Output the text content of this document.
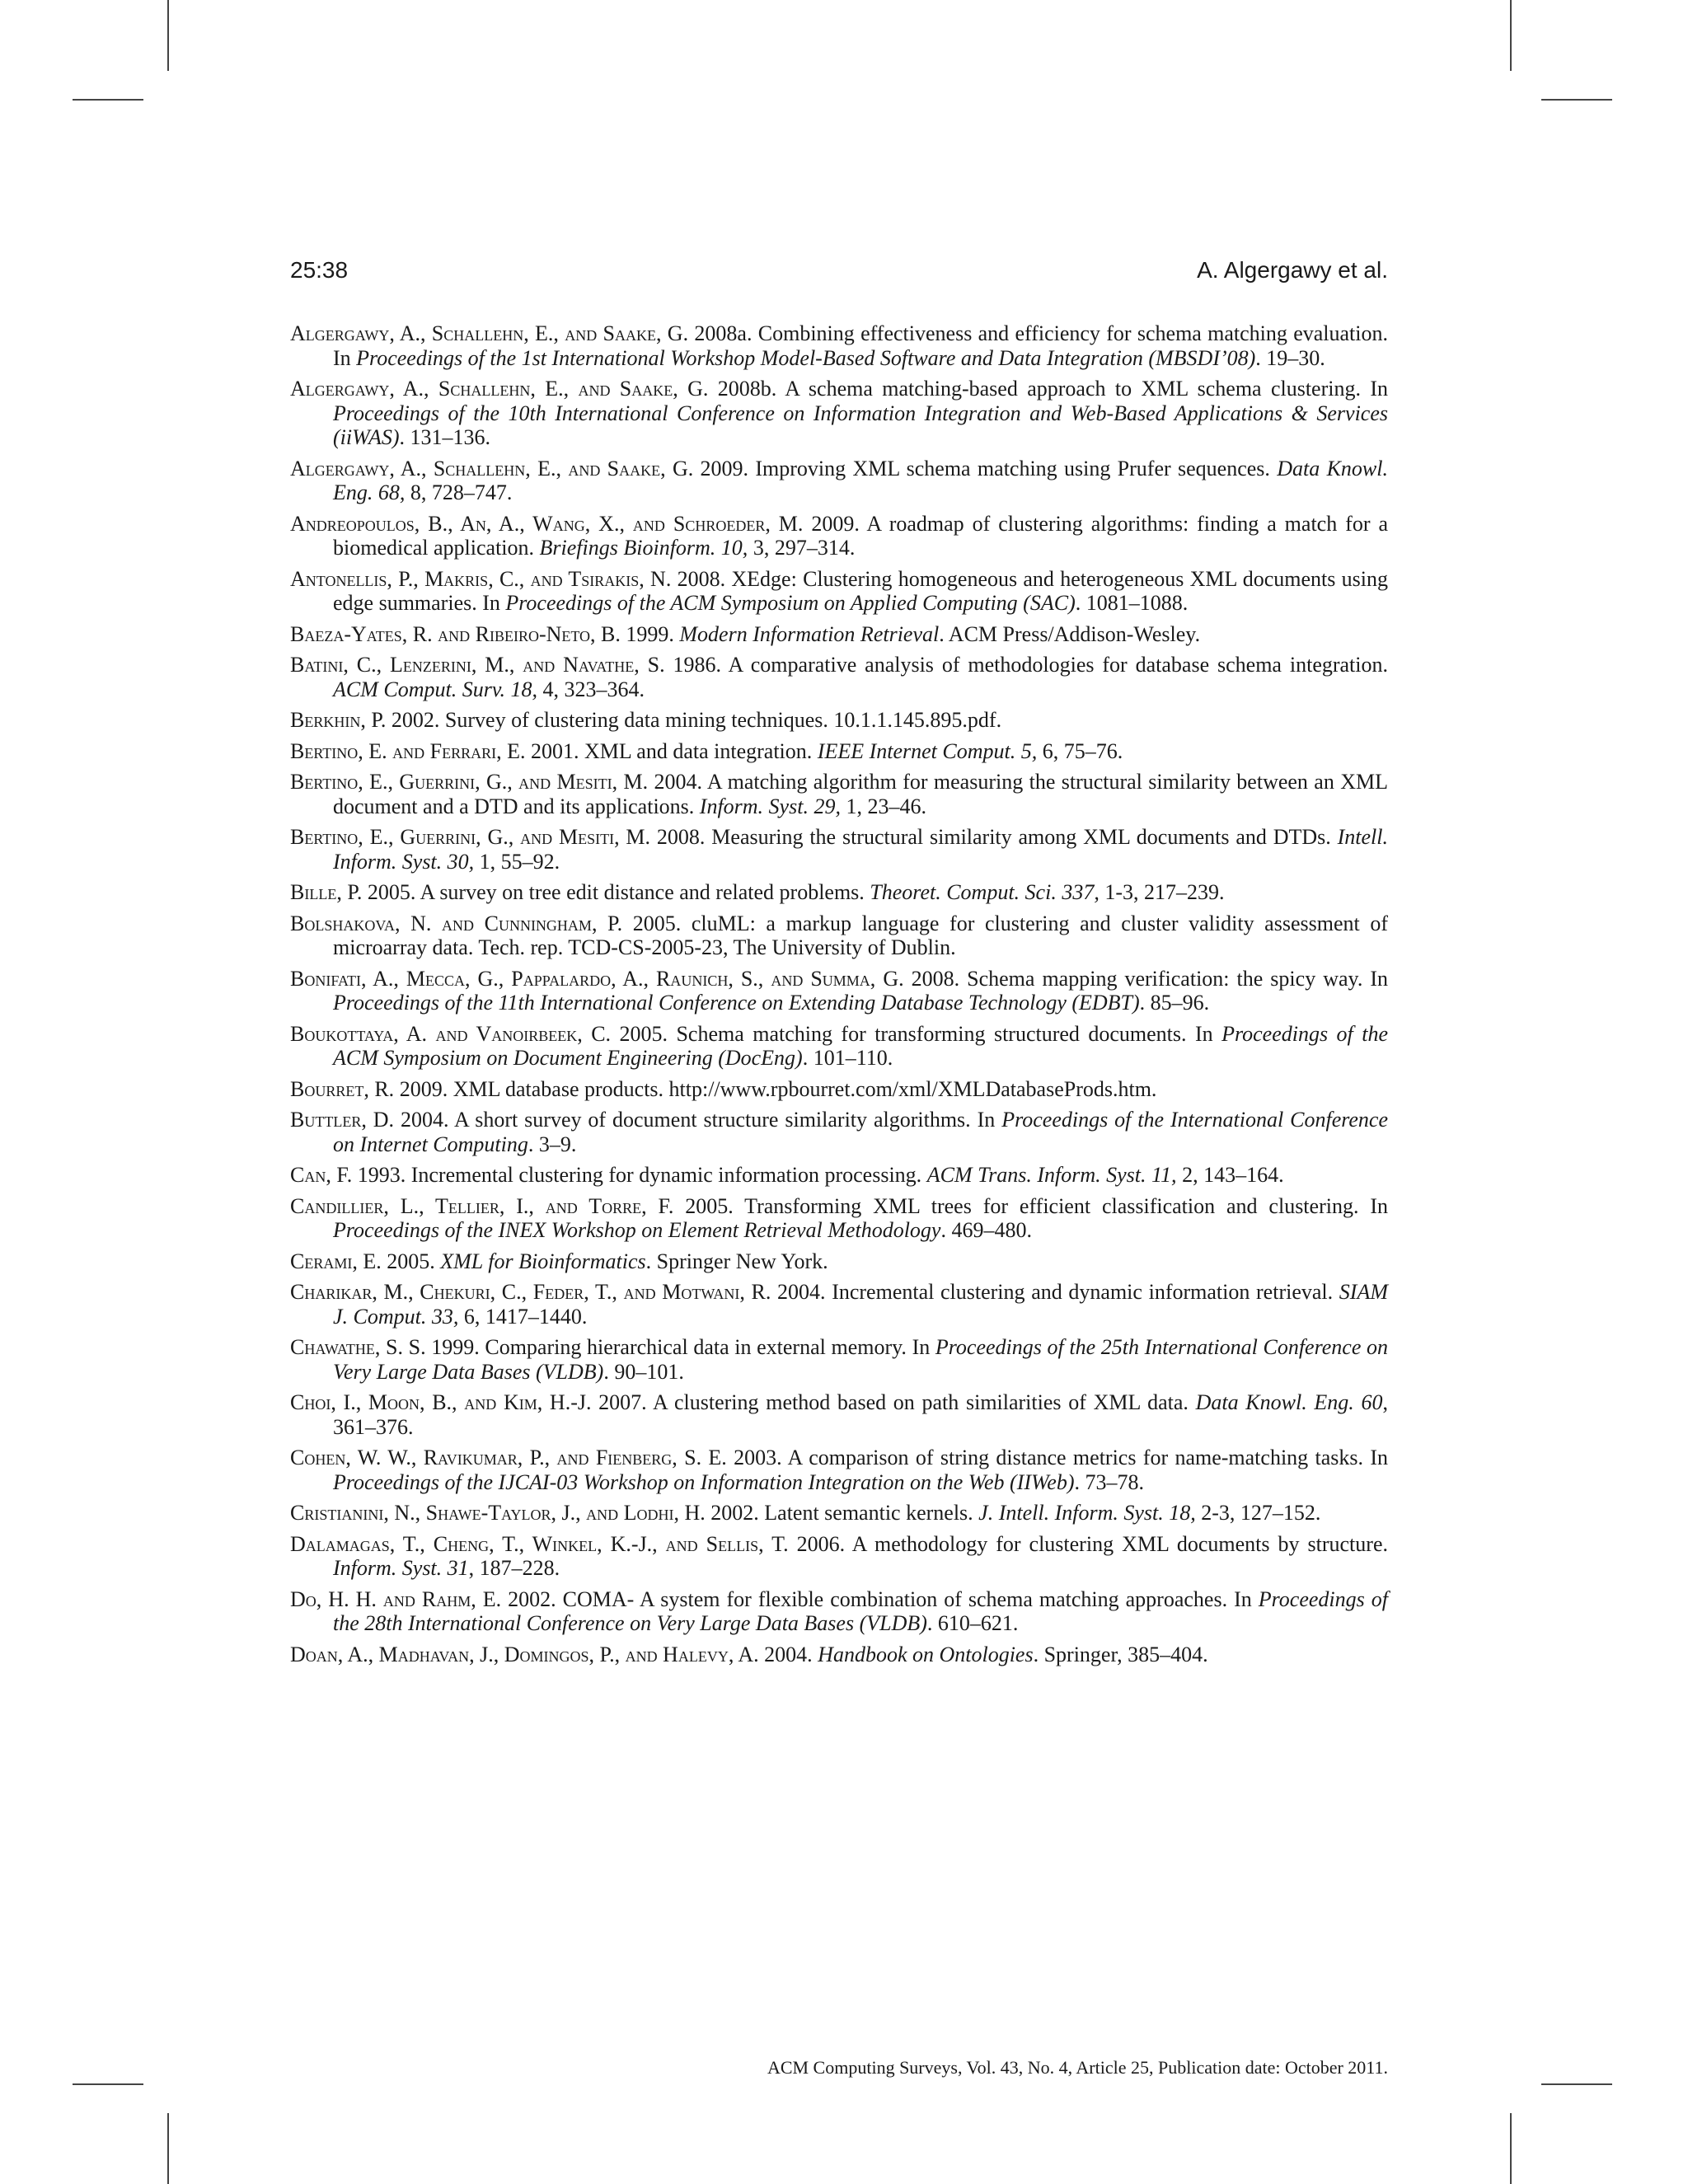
25:38	A. Algergawy et al.
Algergawy, A., Schallehn, E., and Saake, G. 2008a. Combining effectiveness and efficiency for schema matching evaluation. In Proceedings of the 1st International Workshop Model-Based Software and Data Integration (MBSDI’08). 19–30.
Algergawy, A., Schallehn, E., and Saake, G. 2008b. A schema matching-based approach to XML schema clustering. In Proceedings of the 10th International Conference on Information Integration and Web-Based Applications & Services (iiWAS). 131–136.
Algergawy, A., Schallehn, E., and Saake, G. 2009. Improving XML schema matching using Prufer sequences. Data Knowl. Eng. 68, 8, 728–747.
Andreopoulos, B., An, A., Wang, X., and Schroeder, M. 2009. A roadmap of clustering algorithms: finding a match for a biomedical application. Briefings Bioinform. 10, 3, 297–314.
Antonellis, P., Makris, C., and Tsirakis, N. 2008. XEdge: Clustering homogeneous and heterogeneous XML documents using edge summaries. In Proceedings of the ACM Symposium on Applied Computing (SAC). 1081–1088.
Baeza-Yates, R. and Ribeiro-Neto, B. 1999. Modern Information Retrieval. ACM Press/Addison-Wesley.
Batini, C., Lenzerini, M., and Navathe, S. 1986. A comparative analysis of methodologies for database schema integration. ACM Comput. Surv. 18, 4, 323–364.
Berkhin, P. 2002. Survey of clustering data mining techniques. 10.1.1.145.895.pdf.
Bertino, E. and Ferrari, E. 2001. XML and data integration. IEEE Internet Comput. 5, 6, 75–76.
Bertino, E., Guerrini, G., and Mesiti, M. 2004. A matching algorithm for measuring the structural similarity between an XML document and a DTD and its applications. Inform. Syst. 29, 1, 23–46.
Bertino, E., Guerrini, G., and Mesiti, M. 2008. Measuring the structural similarity among XML documents and DTDs. Intell. Inform. Syst. 30, 1, 55–92.
Bille, P. 2005. A survey on tree edit distance and related problems. Theoret. Comput. Sci. 337, 1-3, 217–239.
Bolshakova, N. and Cunningham, P. 2005. cluML: a markup language for clustering and cluster validity assessment of microarray data. Tech. rep. TCD-CS-2005-23, The University of Dublin.
Bonifati, A., Mecca, G., Pappalardo, A., Raunich, S., and Summa, G. 2008. Schema mapping verification: the spicy way. In Proceedings of the 11th International Conference on Extending Database Technology (EDBT). 85–96.
Boukottaya, A. and Vanoirbeek, C. 2005. Schema matching for transforming structured documents. In Proceedings of the ACM Symposium on Document Engineering (DocEng). 101–110.
Bourret, R. 2009. XML database products. http://www.rpbourret.com/xml/XMLDatabaseProds.htm.
Buttler, D. 2004. A short survey of document structure similarity algorithms. In Proceedings of the International Conference on Internet Computing. 3–9.
Can, F. 1993. Incremental clustering for dynamic information processing. ACM Trans. Inform. Syst. 11, 2, 143–164.
Candillier, L., Tellier, I., and Torre, F. 2005. Transforming XML trees for efficient classification and clustering. In Proceedings of the INEX Workshop on Element Retrieval Methodology. 469–480.
Cerami, E. 2005. XML for Bioinformatics. Springer New York.
Charikar, M., Chekuri, C., Feder, T., and Motwani, R. 2004. Incremental clustering and dynamic information retrieval. SIAM J. Comput. 33, 6, 1417–1440.
Chawathe, S. S. 1999. Comparing hierarchical data in external memory. In Proceedings of the 25th International Conference on Very Large Data Bases (VLDB). 90–101.
Choi, I., Moon, B., and Kim, H.-J. 2007. A clustering method based on path similarities of XML data. Data Knowl. Eng. 60, 361–376.
Cohen, W. W., Ravikumar, P., and Fienberg, S. E. 2003. A comparison of string distance metrics for name-matching tasks. In Proceedings of the IJCAI-03 Workshop on Information Integration on the Web (IIWeb). 73–78.
Cristianini, N., Shawe-Taylor, J., and Lodhi, H. 2002. Latent semantic kernels. J. Intell. Inform. Syst. 18, 2-3, 127–152.
Dalamagas, T., Cheng, T., Winkel, K.-J., and Sellis, T. 2006. A methodology for clustering XML documents by structure. Inform. Syst. 31, 187–228.
Do, H. H. and Rahm, E. 2002. COMA- A system for flexible combination of schema matching approaches. In Proceedings of the 28th International Conference on Very Large Data Bases (VLDB). 610–621.
Doan, A., Madhavan, J., Domingos, P., and Halevy, A. 2004. Handbook on Ontologies. Springer, 385–404.
ACM Computing Surveys, Vol. 43, No. 4, Article 25, Publication date: October 2011.
